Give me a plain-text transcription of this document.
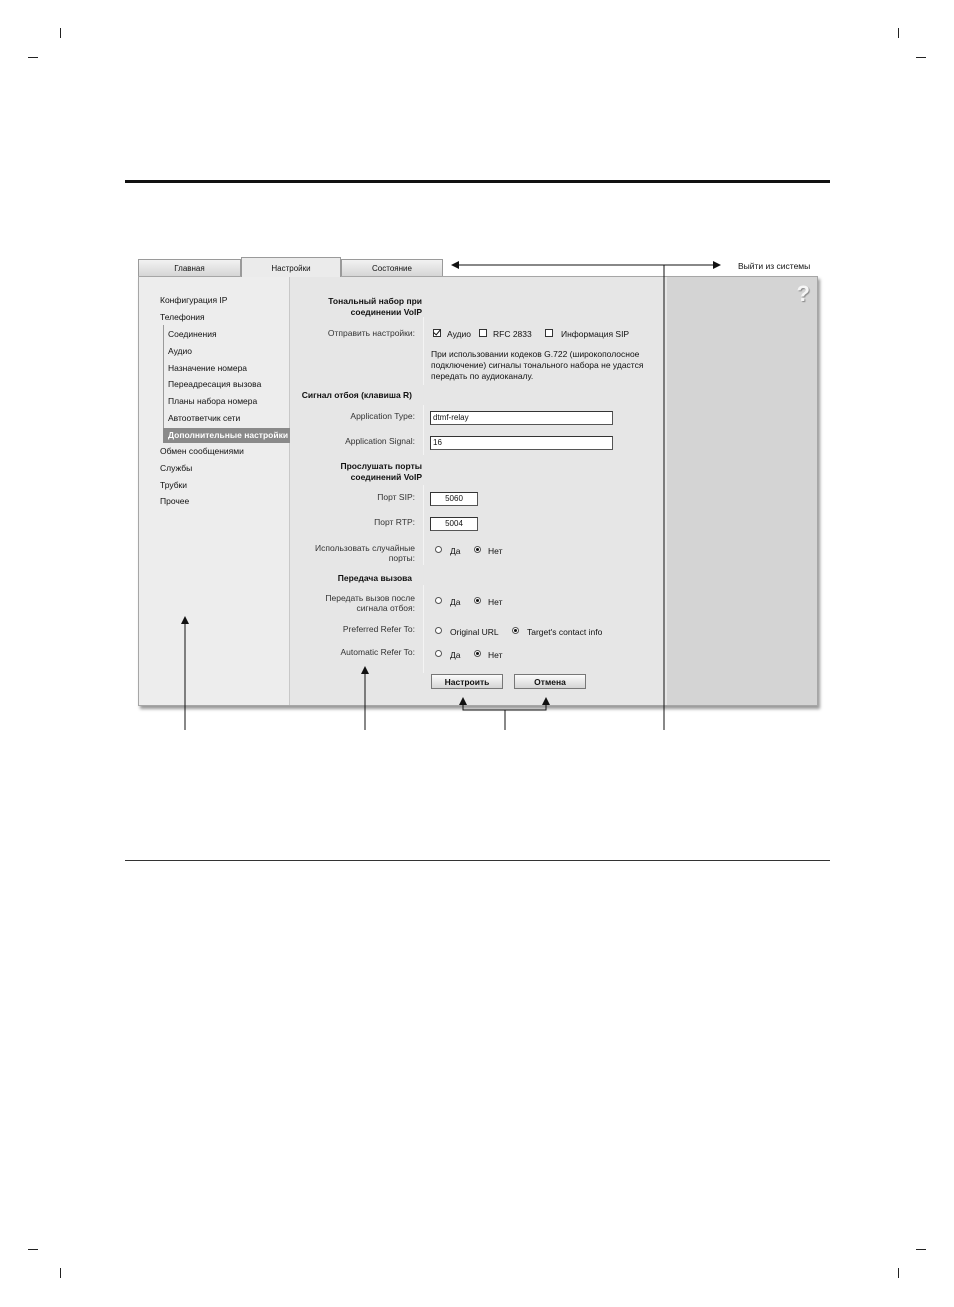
Главная	Настройки	Состояние	Выйти из системы
Конфигурация IP
Телефония
Соединения
Аудио
Назначение номера
Переадресация вызова
Планы набора номера
Автоответчик сети
Дополнительные настройки
Обмен сообщениями
Службы
Трубки
Прочее
Тональный набор при соединении VoIP
Отправить настройки:	Аудио	RFC 2833	Информация SIP
При использовании кодеков G.722 (широкополосное подключение) сигналы тонального набора не удастся передать по аудиоканалу.
Сигнал отбоя (клавиша R)
Application Type:	dtmf-relay
Application Signal:	16
Прослушать порты соединений VoIP
Порт SIP:	5060
Порт RTP:	5004
Использовать случайные порты:
Да	Нет
Передача вызова
Передать вызов после сигнала отбоя:
Да	Нет
Preferred Refer To:	Original URL	Target's contact info
Automatic Refer To:	Да	Нет
Настроить	Отмена
?
